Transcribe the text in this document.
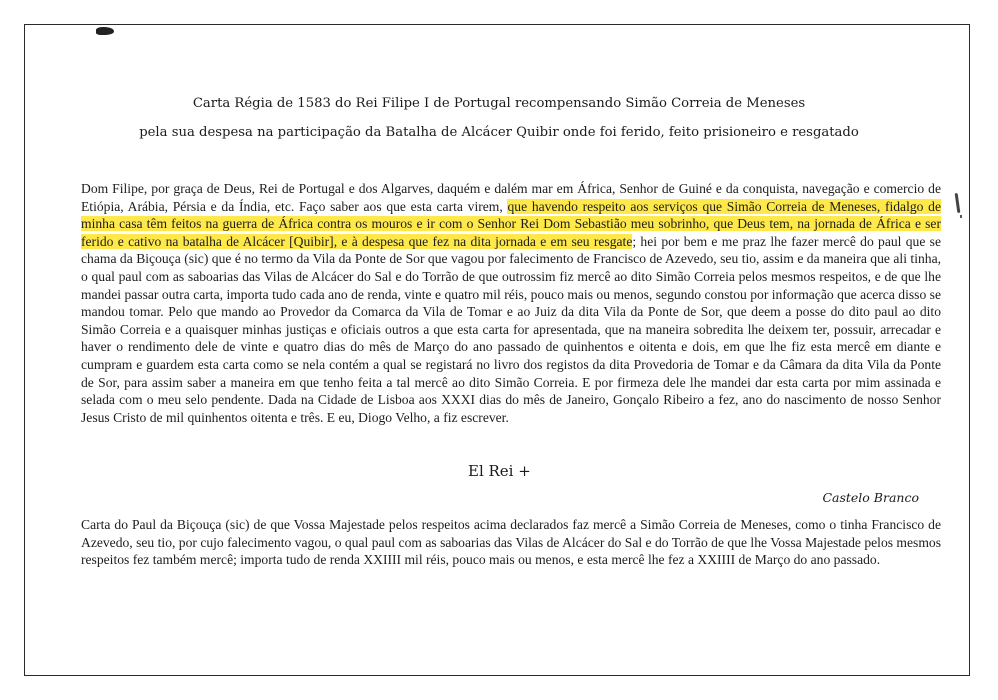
Carta Régia de 1583 do Rei Filipe I de Portugal recompensando Simão Correia de Meneses
pela sua despesa na participação da Batalha de Alcácer Quibir onde foi ferido, feito prisioneiro e resgatado

Dom Filipe, por graça de Deus, Rei de Portugal e dos Algarves, daquém e dalém mar em África, Senhor de Guiné e da conquista, navegação e comercio de Etiópia, Arábia, Pérsia e da Índia, etc. Faço saber aos que esta carta virem, que havendo respeito aos serviços que Simão Correia de Meneses, fidalgo de minha casa têm feitos na guerra de África contra os mouros e ir com o Senhor Rei Dom Sebastião meu sobrinho, que Deus tem, na jornada de África e ser ferido e cativo na batalha de Alcácer [Quibir], e à despesa que fez na dita jornada e em seu resgate; hei por bem e me praz lhe fazer mercê do paul que se chama da Biçouça (sic) que é no termo da Vila da Ponte de Sor que vagou por falecimento de Francisco de Azevedo, seu tio, assim e da maneira que ali tinha, o qual paul com as saboarias das Vilas de Alcácer do Sal e do Torrão de que outrossim fiz mercê ao dito Simão Correia pelos mesmos respeitos, e de que lhe mandei passar outra carta, importa tudo cada ano de renda, vinte e quatro mil réis, pouco mais ou menos, segundo constou por informação que acerca disso se mandou tomar. Pelo que mando ao Provedor da Comarca da Vila de Tomar e ao Juiz da dita Vila da Ponte de Sor, que deem a posse do dito paul ao dito Simão Correia e a quaisquer minhas justiças e oficiais outros a que esta carta for apresentada, que na maneira sobredita lhe deixem ter, possuir, arrecadar e haver o rendimento dele de vinte e quatro dias do mês de Março do ano passado de quinhentos e oitenta e dois, em que lhe fiz esta mercê em diante e cumpram e guardem esta carta como se nela contém a qual se registará no livro dos registos da dita Provedoria de Tomar e da Câmara da dita Vila da Ponte de Sor, para assim saber a maneira em que tenho feita a tal mercê ao dito Simão Correia. E por firmeza dele lhe mandei dar esta carta por mim assinada e selada com o meu selo pendente. Dada na Cidade de Lisboa aos XXXI dias do mês de Janeiro, Gonçalo Ribeiro a fez, ano do nascimento de nosso Senhor Jesus Cristo de mil quinhentos oitenta e três. E eu, Diogo Velho, a fiz escrever.

El Rei +

Castelo Branco

Carta do Paul da Biçouça (sic) de que Vossa Majestade pelos respeitos acima declarados faz mercê a Simão Correia de Meneses, como o tinha Francisco de Azevedo, seu tio, por cujo falecimento vagou, o qual paul com as saboarias das Vilas de Alcácer do Sal e do Torrão de que lhe Vossa Majestade pelos mesmos respeitos fez também mercê; importa tudo de renda XXIIII mil réis, pouco mais ou menos, e esta mercê lhe fez a XXIIII de Março do ano passado.
